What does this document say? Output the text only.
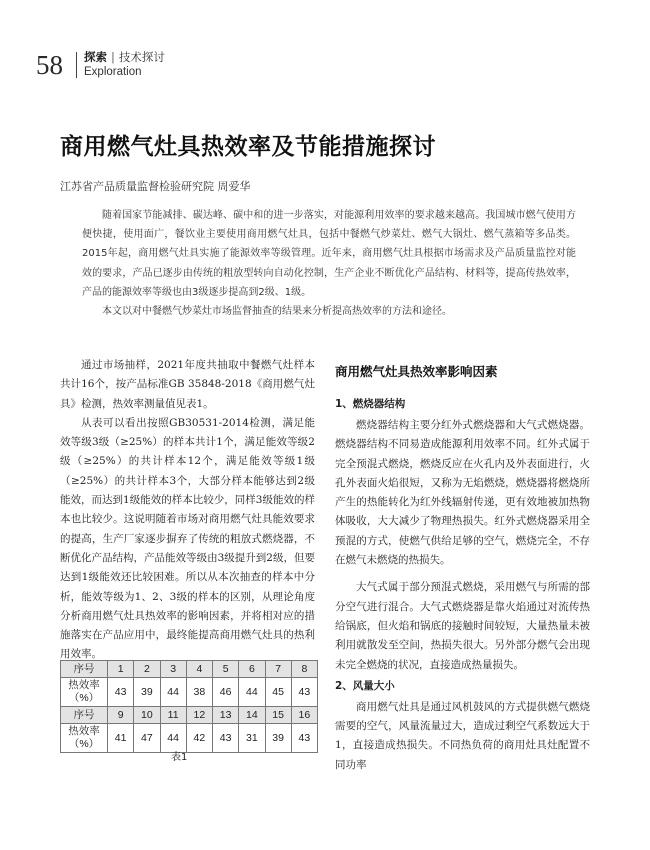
58 探索 | 技术探讨
Exploration
商用燃气灶具热效率及节能措施探讨
江苏省产品质量监督检验研究院 周爱华

随着国家节能减排、碳达峰、碳中和的进一步落实，对能源利用效率的要求越来越高。我国城市燃气使用方便快捷，使用面广，餐饮业主要使用商用燃气灶具，包括中餐燃气炒菜灶、燃气大锅灶、燃气蒸箱等多品类。2015年起，商用燃气灶具实施了能源效率等级管理。近年来，商用燃气灶具根据市场需求及产品质量监控对能效的要求，产品已逐步由传统的粗放型转向自动化控制，生产企业不断优化产品结构、材料等，提高传热效率，产品的能源效率等级也由3级逐步提高到2级、1级。

本文以对中餐燃气炒菜灶市场监督抽查的结果来分析提高热效率的方法和途径。

通过市场抽样，2021年度共抽取中餐燃气灶样本共计16个，按产品标准GB 35848-2018《商用燃气灶具》检测，热效率测量值见表1。

从表可以看出按照GB30531-2014检测，满足能效等级3级（≥25%）的样本共计1个，满足能效等级2级（≥25%）的共计样本12个，满足能效等级1级（≥25%）的共计样本3个，大部分样本能够达到2级能效，而达到1级能效的样本比较少，同样3级能效的样本也比较少。这说明随着市场对商用燃气灶具能效要求的提高，生产厂家逐步摒弃了传统的粗放式燃烧器，不断优化产品结构，产品能效等级由3级提升到2级，但要达到1级能效还比较困难。所以从本次抽查的样本中分析，能效等级为1、2、3级的样本的区别，从理论角度分析商用燃气灶具热效率的影响因素，并将相对应的措施落实在产品应用中，最终能提高商用燃气灶具的热利用效率。

序号	1	2	3	4	5	6	7	8
热效率（%）	43	39	44	38	46	44	45	43
序号	9	10	11	12	13	14	15	16
热效率（%）	41	47	44	42	43	31	39	43
表1
商用燃气灶具热效率影响因素
1、燃烧器结构

燃烧器结构主要分红外式燃烧器和大气式燃烧器。燃烧器结构不同易造成能源利用效率不同。红外式属于完全预混式燃烧，燃烧反应在火孔内及外表面进行，火孔外表面火焰很短，又称为无焰燃烧，燃烧器将燃烧所产生的热能转化为红外线辐射传递，更有效地被加热物体吸收，大大减少了物理热损失。红外式燃烧器采用全预混的方式，使燃气供给足够的空气，燃烧完全，不存在燃气未燃烧的热损失。

大气式属于部分预混式燃烧，采用燃气与所需的部分空气进行混合。大气式燃烧器是靠火焰通过对流传热给锅底，但火焰和锅底的接触时间较短，大量热量未被利用就散发至空间，热损失很大。另外部分燃气会出现未完全燃烧的状况，直接造成热量损失。

2、风量大小

商用燃气灶具是通过风机鼓风的方式提供燃气燃烧需要的空气，风量流量过大，造成过剩空气系数远大于1，直接造成热损失。不同热负荷的商用灶具灶配置不同功率
